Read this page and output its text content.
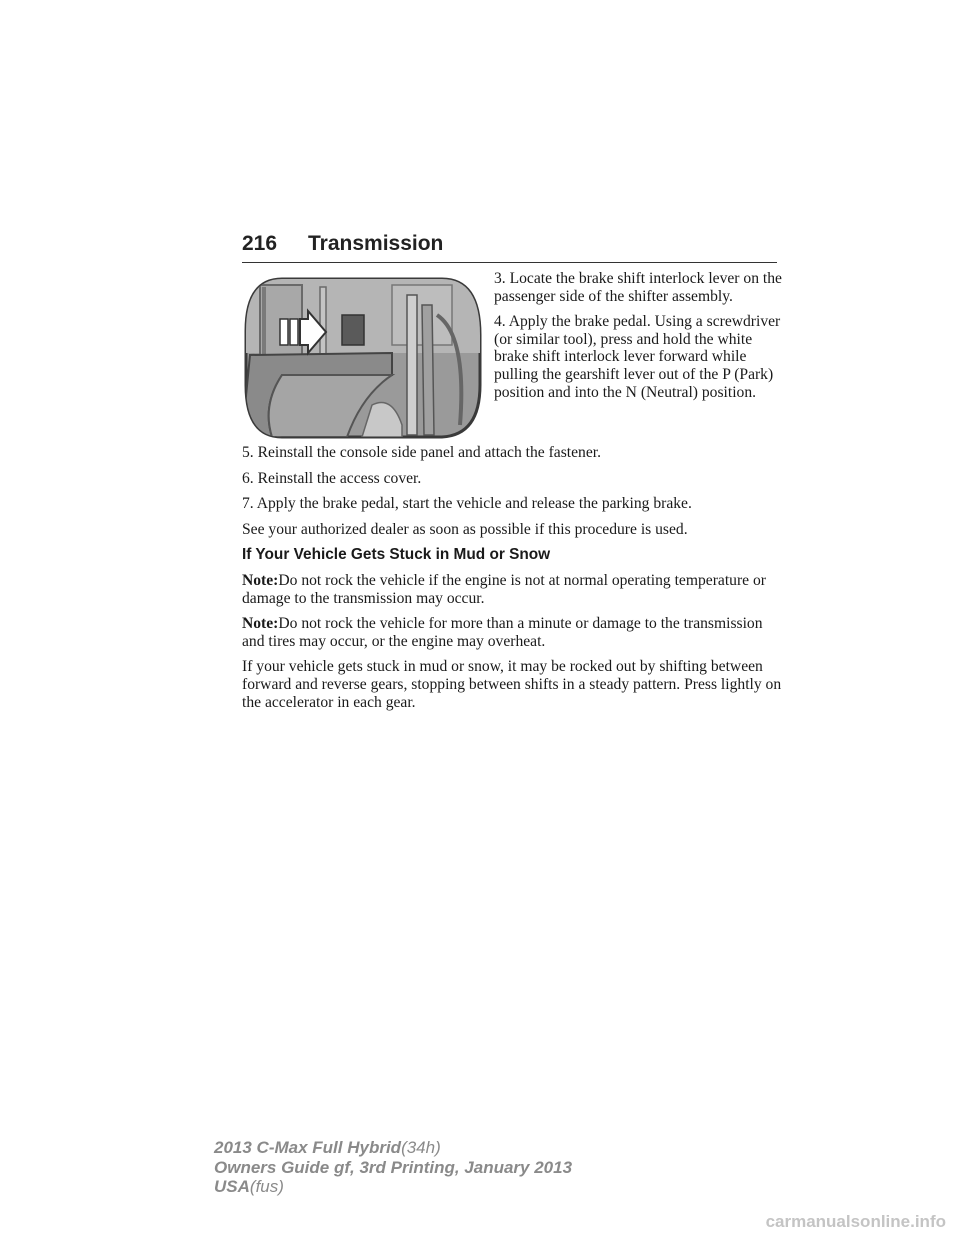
216 Transmission

3. Locate the brake shift interlock lever on the passenger side of the shifter assembly.

4. Apply the brake pedal. Using a screwdriver (or similar tool), press and hold the white brake shift interlock lever forward while pulling the gearshift lever out of the P (Park) position and into the N (Neutral) position.

5. Reinstall the console side panel and attach the fastener.

6. Reinstall the access cover.

7. Apply the brake pedal, start the vehicle and release the parking brake.

See your authorized dealer as soon as possible if this procedure is used.

If Your Vehicle Gets Stuck in Mud or Snow

Note:Do not rock the vehicle if the engine is not at normal operating temperature or damage to the transmission may occur.

Note:Do not rock the vehicle for more than a minute or damage to the transmission and tires may occur, or the engine may overheat.

If your vehicle gets stuck in mud or snow, it may be rocked out by shifting between forward and reverse gears, stopping between shifts in a steady pattern. Press lightly on the accelerator in each gear.

2013 C-Max Full Hybrid(34h)
Owners Guide gf, 3rd Printing, January 2013
USA(fus)
carmanualsonline.info
